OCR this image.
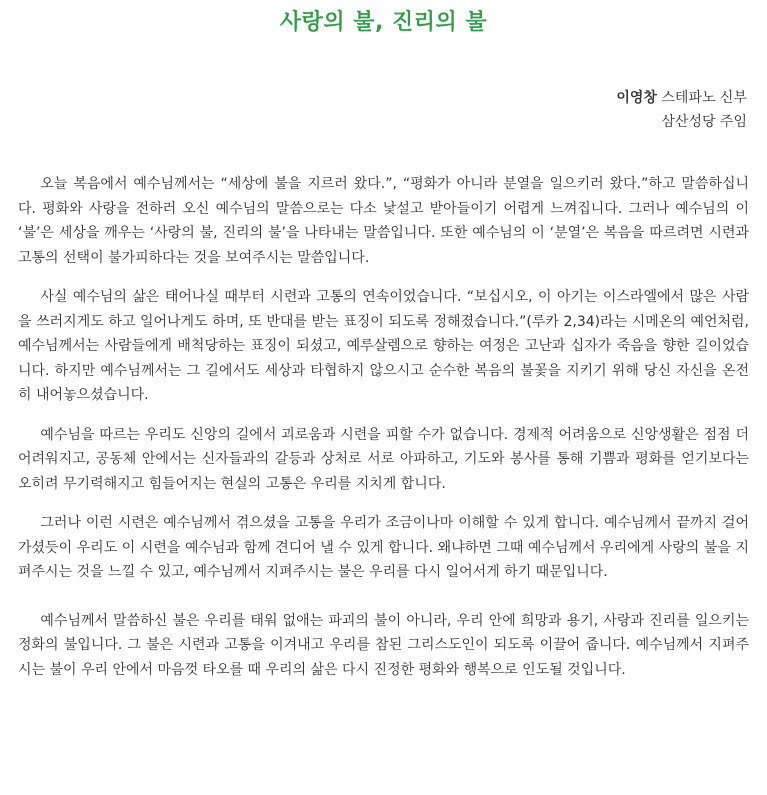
사랑의 불, 진리의 불
이영창 스테파노 신부
삼산성당 주임

오늘 복음에서 예수님께서는 “세상에 불을 지르러 왔다.”, “평화가 아니라 분열을 일으키러 왔다.”하고 말씀하십니다. 평화와 사랑을 전하러 오신 예수님의 말씀으로는 다소 낯설고 받아들이기 어렵게 느껴집니다. 그러나 예수님의 이 ‘불’은 세상을 깨우는 ‘사랑의 불, 진리의 불’을 나타내는 말씀입니다. 또한 예수님의 이 ‘분열’은 복음을 따르려면 시련과 고통의 선택이 불가피하다는 것을 보여주시는 말씀입니다.

사실 예수님의 삶은 태어나실 때부터 시련과 고통의 연속이었습니다. “보십시오, 이 아기는 이스라엘에서 많은 사람을 쓰러지게도 하고 일어나게도 하며, 또 반대를 받는 표징이 되도록 정해졌습니다.”(루카 2,34)라는 시메온의 예언처럼, 예수님께서는 사람들에게 배척당하는 표징이 되셨고, 예루살렘으로 향하는 여정은 고난과 십자가 죽음을 향한 길이었습니다. 하지만 예수님께서는 그 길에서도 세상과 타협하지 않으시고 순수한 복음의 불꽃을 지키기 위해 당신 자신을 온전히 내어놓으셨습니다.

예수님을 따르는 우리도 신앙의 길에서 괴로움과 시련을 피할 수가 없습니다. 경제적 어려움으로 신앙생활은 점점 더 어려워지고, 공동체 안에서는 신자들과의 갈등과 상처로 서로 아파하고, 기도와 봉사를 통해 기쁨과 평화를 얻기보다는 오히려 무기력해지고 힘들어지는 현실의 고통은 우리를 지치게 합니다.

그러나 이런 시련은 예수님께서 겪으셨을 고통을 우리가 조금이나마 이해할 수 있게 합니다. 예수님께서 끝까지 걸어가셨듯이 우리도 이 시련을 예수님과 함께 견디어 낼 수 있게 합니다. 왜냐하면 그때 예수님께서 우리에게 사랑의 불을 지펴주시는 것을 느낄 수 있고, 예수님께서 지펴주시는 불은 우리를 다시 일어서게 하기 때문입니다.

예수님께서 말씀하신 불은 우리를 태워 없애는 파괴의 불이 아니라, 우리 안에 희망과 용기, 사랑과 진리를 일으키는 정화의 불입니다. 그 불은 시련과 고통을 이겨내고 우리를 참된 그리스도인이 되도록 이끌어 줍니다. 예수님께서 지펴주시는 불이 우리 안에서 마음껏 타오를 때 우리의 삶은 다시 진정한 평화와 행복으로 인도될 것입니다.
